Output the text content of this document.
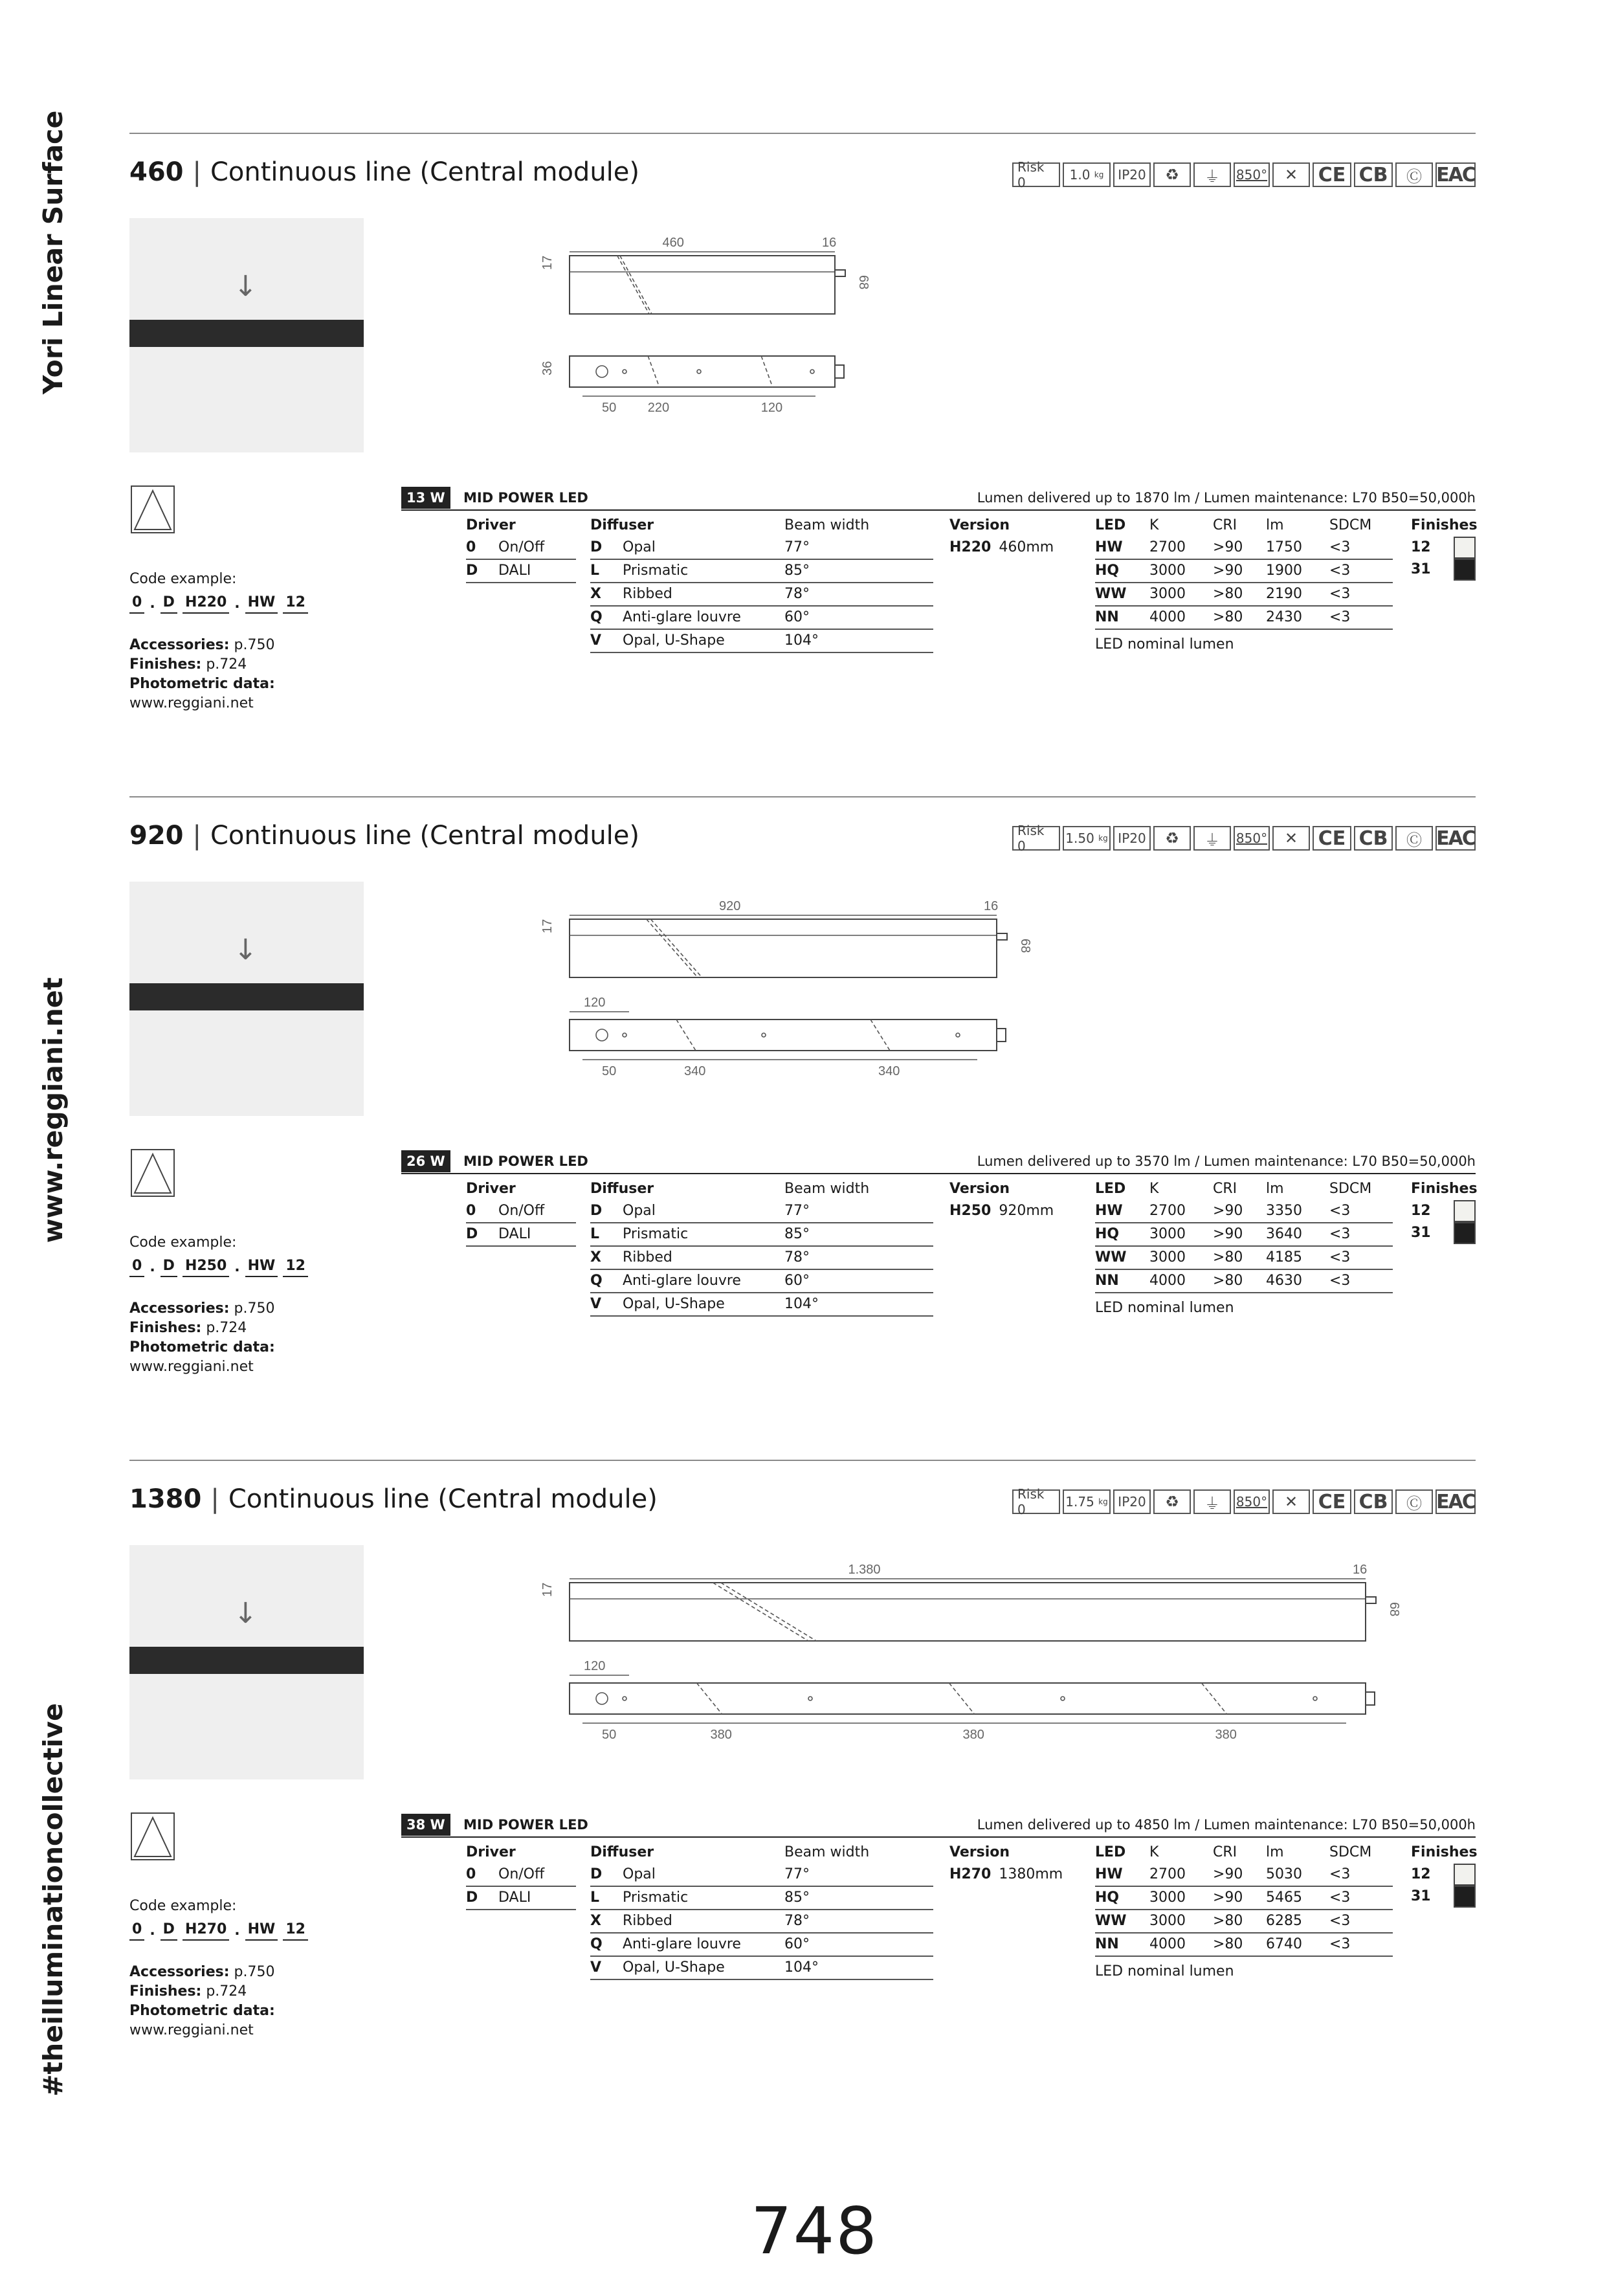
Yori Linear Surface
www.reggiani.net
#theilluminationcollective
460 | Continuous line (Central module)	Risk 0	1.0
kg IP20	♻	⏚	850°	✕	CE CB	Ⓒ EAC
↓
460	16
17
68
36
50 220	120
Code example:
0 . D H220 . HW 12
Accessories: p.750
Finishes: p.724
Photometric data:
www.reggiani.net
13 W	MID POWER LED	Lumen delivered up to 1870 lm / Lumen maintenance: L70 B50=50,000h
Driver
0	On/Off
D	DALI
Diffuser	Beam width
D	Opal	77°
L	Prismatic	85°
X	Ribbed	78°
Q	Anti-glare louvre	60°
V	Opal, U-Shape	104°
Version
H220 460mm
LED	K	CRI	lm	SDCM
HW	2700	>90	1750	<3
HQ	3000	>90	1900	<3
WW	3000	>80	2190	<3
NN	4000	>80	2430	<3
LED nominal lumen
Finishes
12
31
920 | Continuous line (Central module)	Risk 0	1.50
kg IP20	♻	⏚	850°	✕	CE CB	Ⓒ EAC
↓
920	16
17
68
120
50	340	340
Code example:
0 . D H250 . HW 12
Accessories: p.750
Finishes: p.724
Photometric data:
www.reggiani.net
26 W	MID POWER LED	Lumen delivered up to 3570 lm / Lumen maintenance: L70 B50=50,000h
Driver
0	On/Off
D	DALI
Diffuser	Beam width
D	Opal	77°
L	Prismatic	85°
X	Ribbed	78°
Q	Anti-glare louvre	60°
V	Opal, U-Shape	104°
Version
H250 920mm
LED	K	CRI	lm	SDCM
HW	2700	>90	3350	<3
HQ	3000	>90	3640	<3
WW	3000	>80	4185	<3
NN	4000	>80	4630	<3
LED nominal lumen
Finishes
12
31
1380 | Continuous line (Central module)	Risk 0	1.75
kg IP20	♻	⏚	850°	✕	CE CB	Ⓒ EAC
↓
1.380	16
17
68
120
50	380	380	380
Code example:
0 . D H270 . HW 12
Accessories: p.750
Finishes: p.724
Photometric data:
www.reggiani.net
38 W	MID POWER LED	Lumen delivered up to 4850 lm / Lumen maintenance: L70 B50=50,000h
Driver
0	On/Off
D	DALI
Diffuser	Beam width
D	Opal	77°
L	Prismatic	85°
X	Ribbed	78°
Q	Anti-glare louvre	60°
V	Opal, U-Shape	104°
Version
H270 1380mm
LED	K	CRI	lm	SDCM
HW	2700	>90	5030	<3
HQ	3000	>90	5465	<3
WW	3000	>80	6285	<3
NN	4000	>80	6740	<3
LED nominal lumen
Finishes
12
31
748
